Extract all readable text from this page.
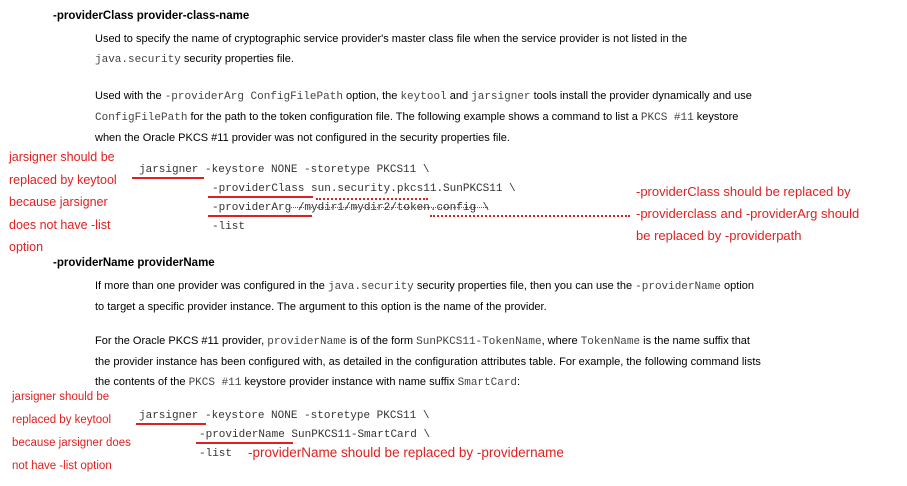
-providerClass provider-class-name
Used to specify the name of cryptographic service provider's master class file when the service provider is not listed in the
java.security security properties file.
Used with the -providerArg ConfigFilePath option, the keytool and jarsigner tools install the provider dynamically and use
ConfigFilePath for the path to the token configuration file. The following example shows a command to list a PKCS #11 keystore
when the Oracle PKCS #11 provider was not configured in the security properties file.
jarsigner -keystore NONE -storetype PKCS11 \
-providerClass sun.security.pkcs11.SunPKCS11 \
-providerArg /mydir1/mydir2/token.config \
-list
jarsigner should be
replaced by keytool
because jarsigner
does not have -list
option
-providerClass should be replaced by
-providerclass and -providerArg should
be replaced by -providerpath
-providerName providerName
If more than one provider was configured in the java.security security properties file, then you can use the -providerName option
to target a specific provider instance. The argument to this option is the name of the provider.
For the Oracle PKCS #11 provider, providerName is of the form SunPKCS11-TokenName, where TokenName is the name suffix that
the provider instance has been configured with, as detailed in the configuration attributes table. For example, the following command lists
the contents of the PKCS #11 keystore provider instance with name suffix SmartCard:
jarsigner -keystore NONE -storetype PKCS11 \
-providerName SunPKCS11-SmartCard \
-list
jarsigner should be
replaced by keytool
because jarsigner does
not have -list option
-providerName should be replaced by -providername
